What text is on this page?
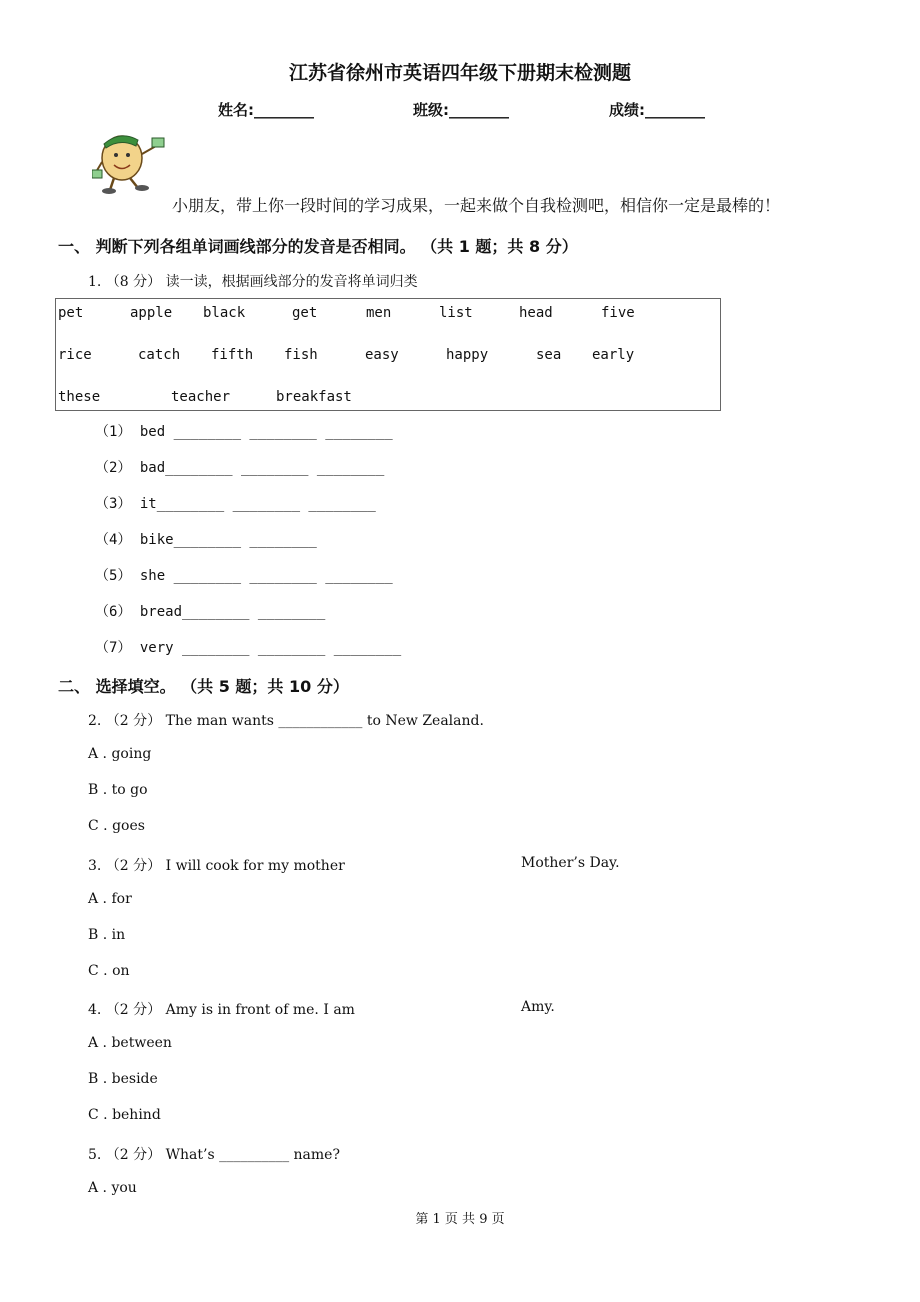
江苏省徐州市英语四年级下册期末检测题
姓名:________	班级:________	成绩:________
小朋友，带上你一段时间的学习成果，一起来做个自我检测吧，相信你一定是最棒的！
一、 判断下列各组单词画线部分的发音是否相同。 （共 1 题；共 8 分）
1. （8 分） 读一读，根据画线部分的发音将单词归类
pet	apple black	get	men	list	head	five
rice	catch fifth fish	easy	happy	sea early
these	teacher	breakfast
（1） bed ________ ________ ________
（2） bad________ ________ ________
（3） it________ ________ ________
（4） bike________ ________
（5） she ________ ________ ________
（6） bread________ ________
（7） very ________ ________ ________
二、 选择填空。 （共 5 题；共 10 分）
2. （2 分） The man wants ____________ to New Zealand.
A . going
B . to go
C . goes
3. （2 分） I will cook for my mother	Mother’s Day.
A . for
B . in
C . on
4. （2 分） Amy is in front of me. I am	Amy.
A . between
B . beside
C . behind
5. （2 分） What’s __________ name?
A . you
第 1 页 共 9 页
